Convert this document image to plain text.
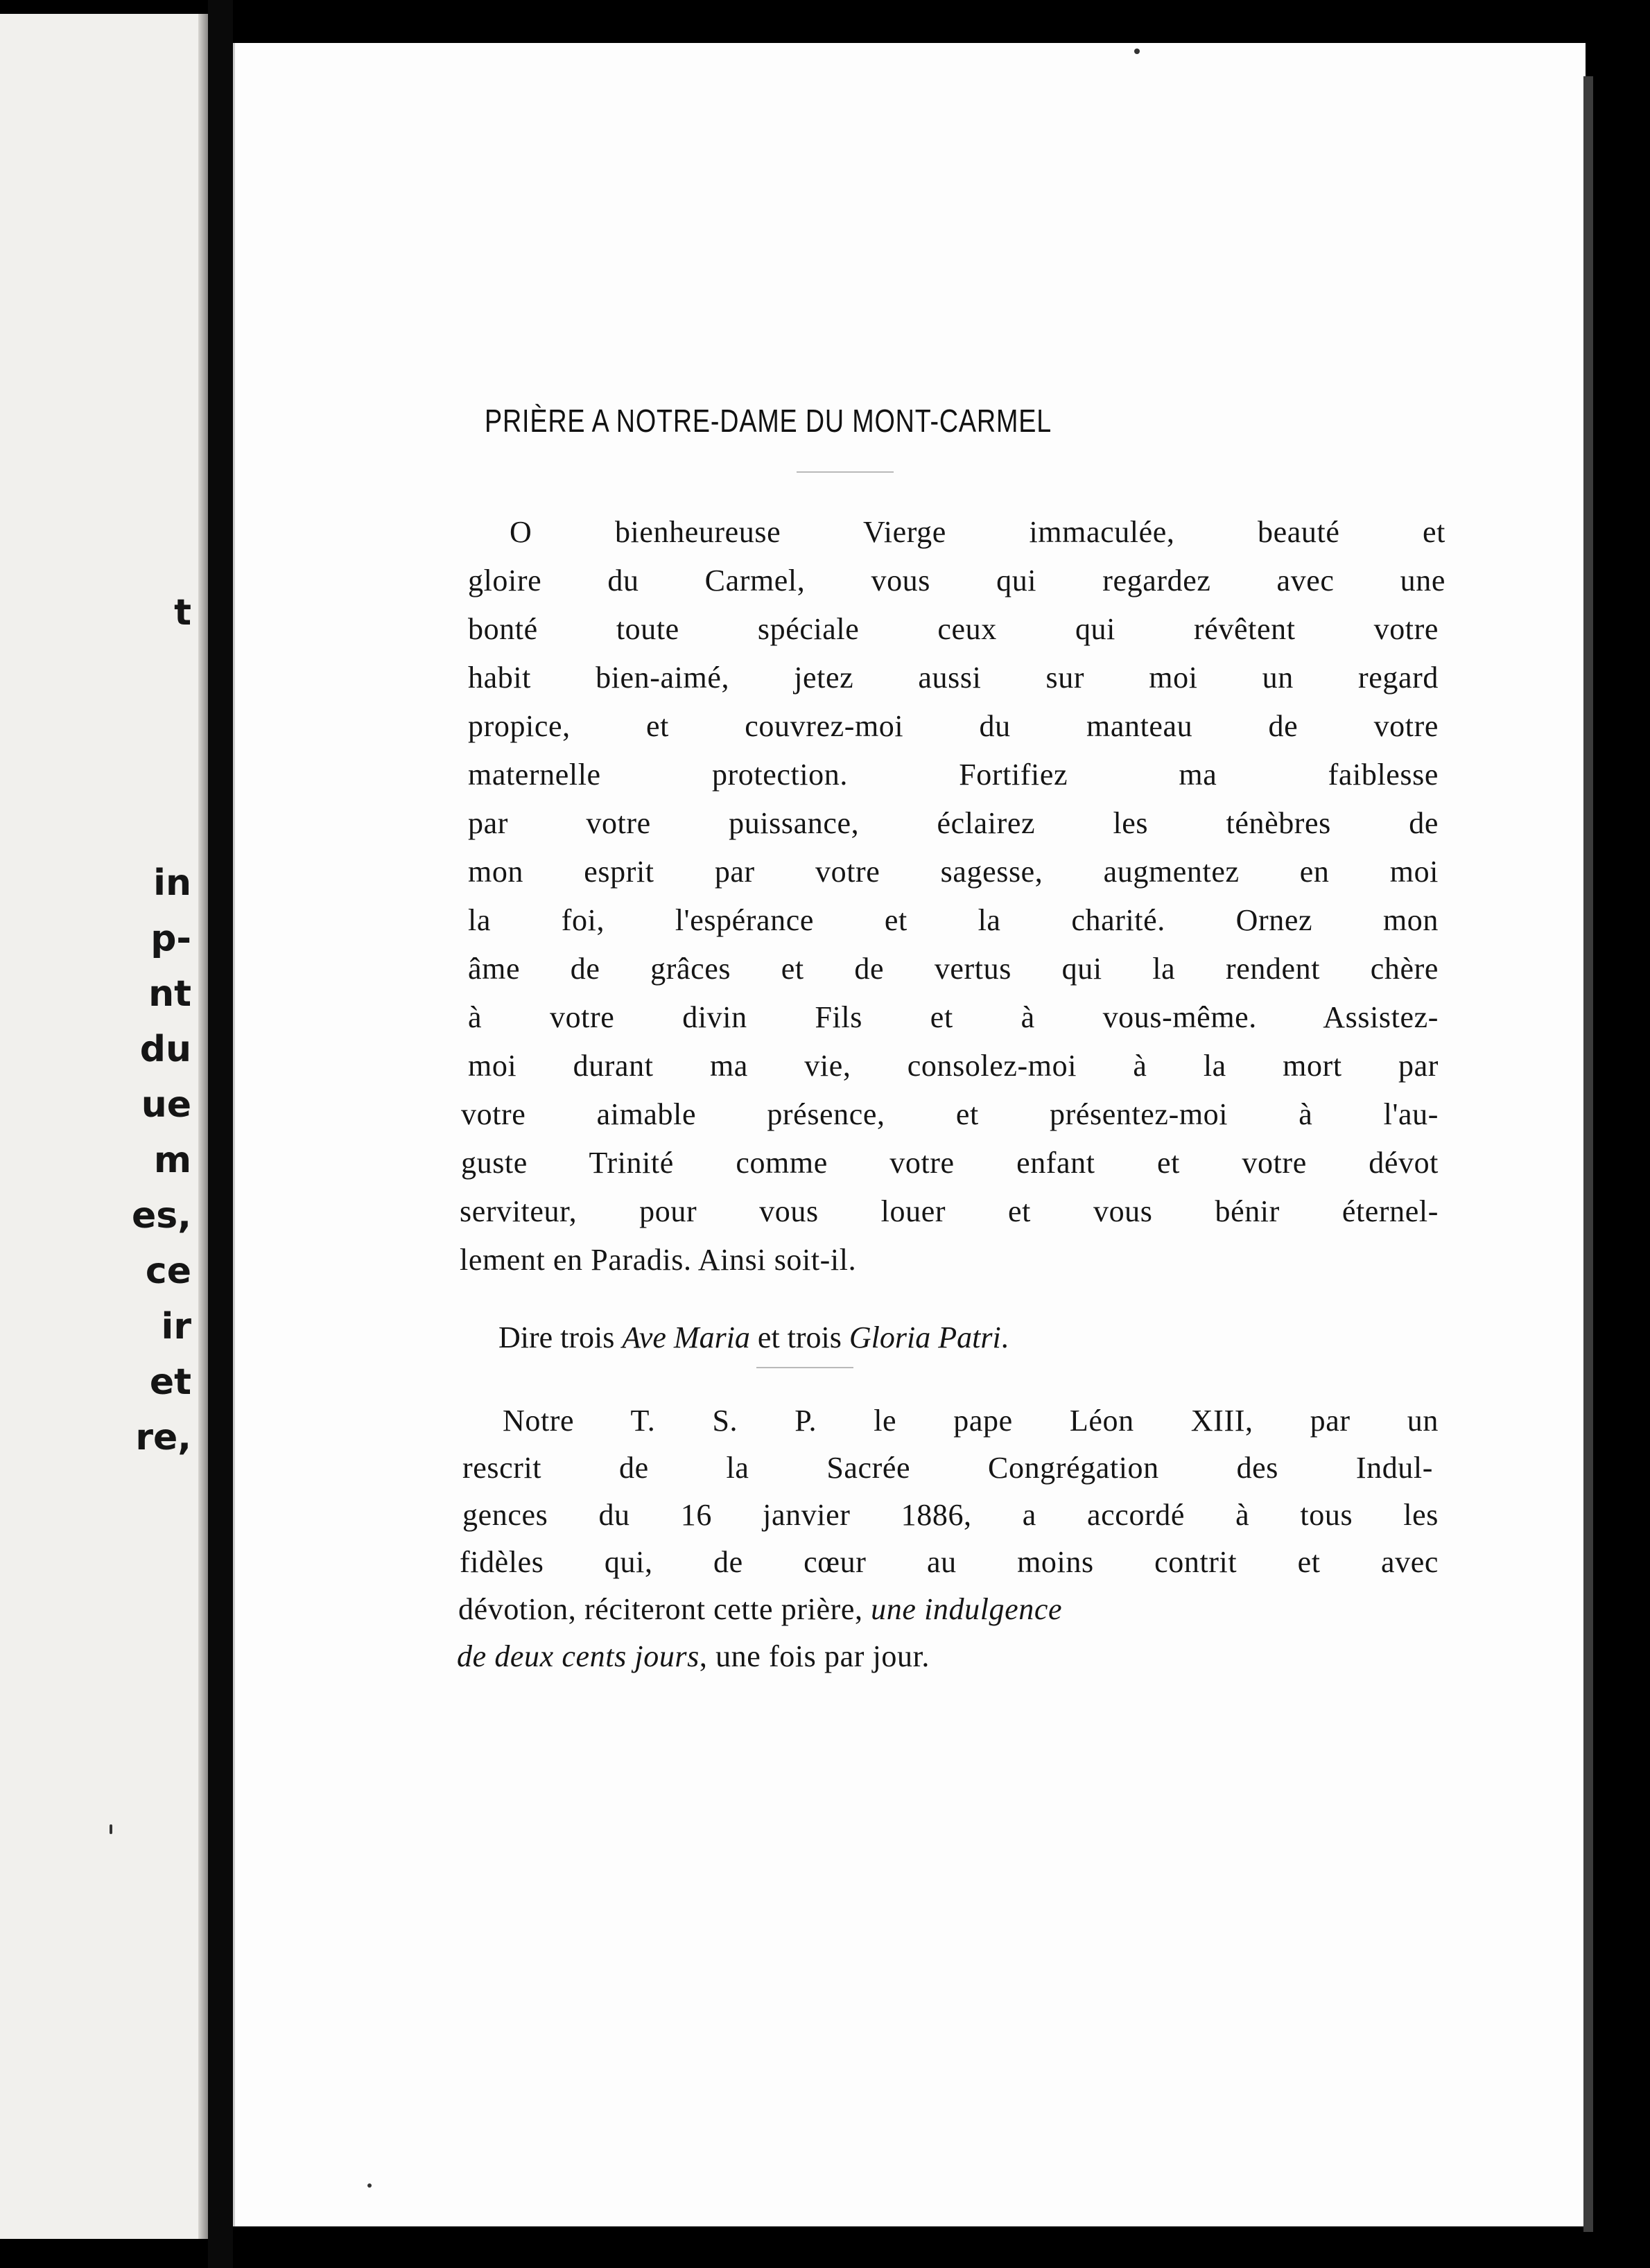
t
in
p-
nt
du
ue
m
es,
ce
ir
et
re,
PRIÈRE A NOTRE-DAME DU MONT-CARMEL
O bienheureuse Vierge immaculée, beauté et
gloire du Carmel, vous qui regardez avec une
bonté toute spéciale ceux qui révêtent votre
habit bien-aimé, jetez aussi sur moi un regard
propice, et couvrez-moi du manteau de votre
maternelle protection. Fortifiez ma faiblesse
par votre puissance, éclairez les ténèbres de
mon esprit par votre sagesse, augmentez en moi
la foi, l'espérance et la charité. Ornez mon
âme de grâces et de vertus qui la rendent chère
à votre divin Fils et à vous-même. Assistez-
moi durant ma vie, consolez-moi à la mort par
votre aimable présence, et présentez-moi à l'au-
guste Trinité comme votre enfant et votre dévot
serviteur, pour vous louer et vous bénir éternel-
lement en Paradis. Ainsi soit-il.
Dire trois Ave Maria et trois Gloria Patri.
Notre T. S. P. le pape Léon XIII, par un
rescrit de la Sacrée Congrégation des Indul-
gences du 16 janvier 1886, a accordé à tous les
fidèles qui, de cœur au moins contrit et avec
dévotion, réciteront cette prière, une indulgence
de deux cents jours, une fois par jour.
